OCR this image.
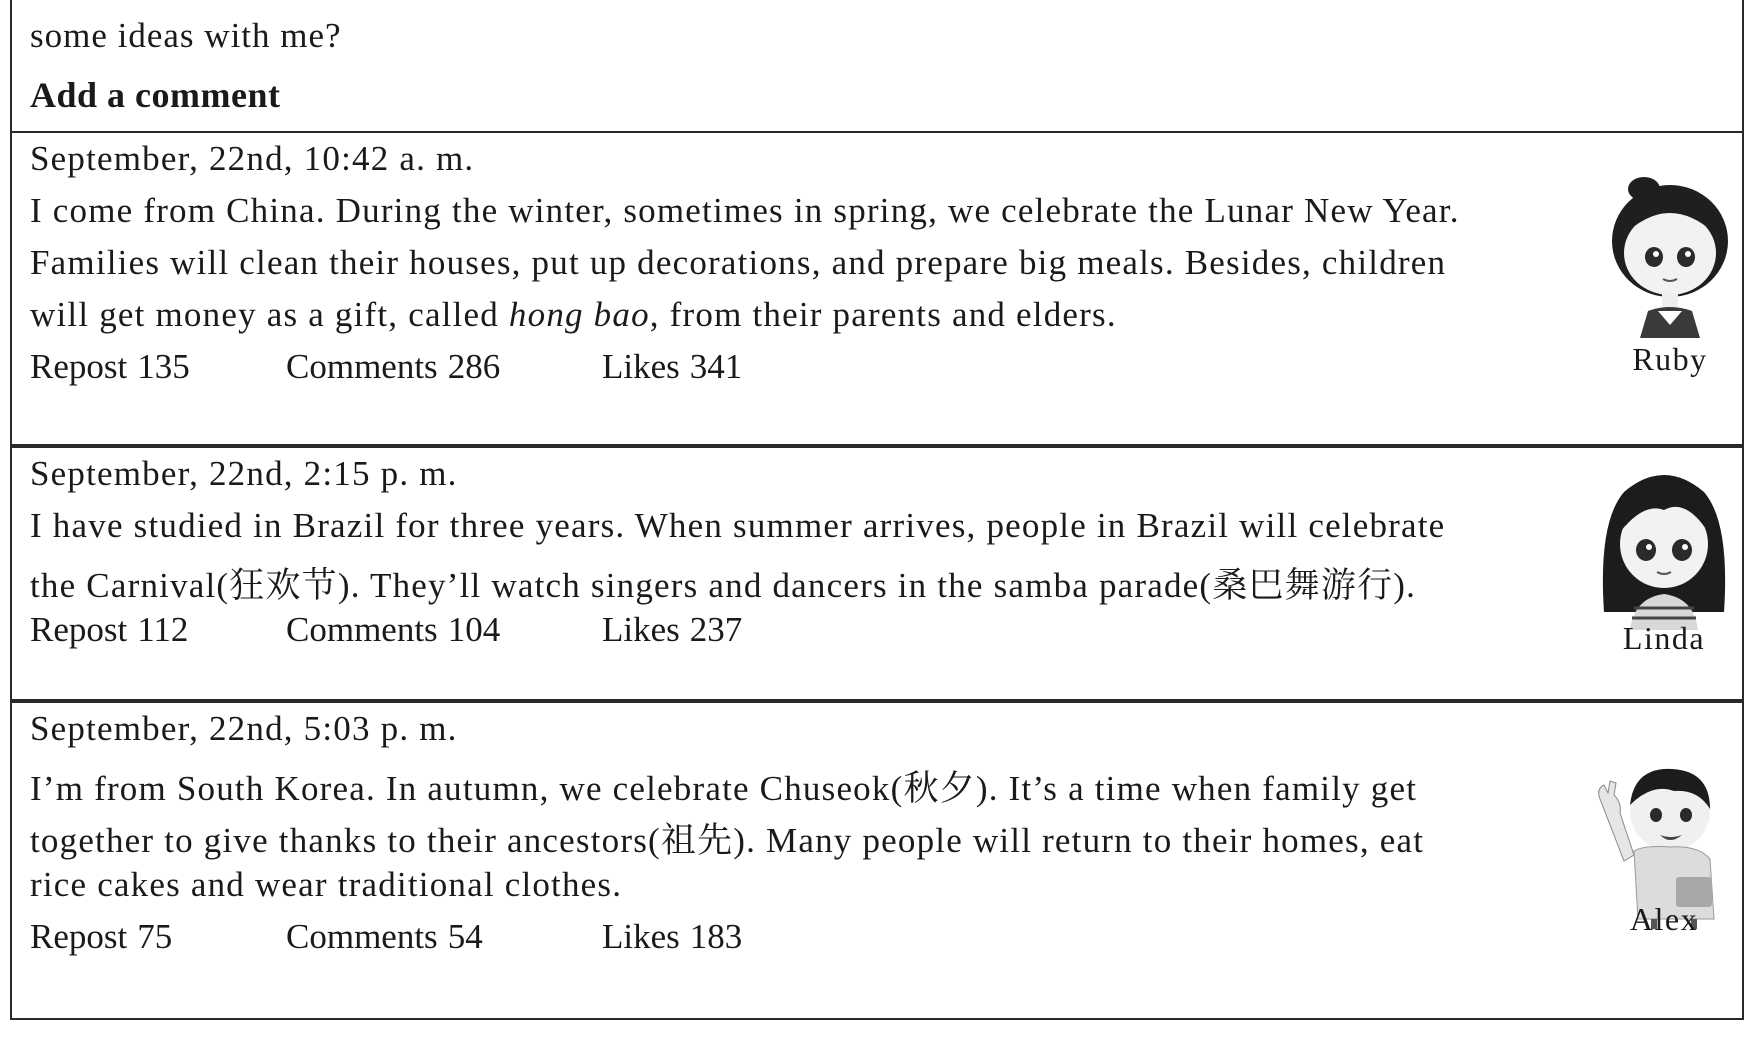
some ideas with me?
Add a comment
September, 22nd, 10:42 a. m.
I come from China. During the winter, sometimes in spring, we celebrate the Lunar New Year.
Families will clean their houses, put up decorations, and prepare big meals. Besides, children
will get money as a gift, called hong bao, from their parents and elders.
Repost 135	Comments 286	Likes 341	Ruby
September, 22nd, 2:15 p. m.
I have studied in Brazil for three years. When summer arrives, people in Brazil will celebrate
the Carnival(狂欢节). They’ll watch singers and dancers in the samba parade(桑巴舞游行).
Repost 112	Comments 104	Likes 237	Linda
September, 22nd, 5:03 p. m.
I’m from South Korea. In autumn, we celebrate Chuseok(秋夕). It’s a time when family get
together to give thanks to their ancestors(祖先). Many people will return to their homes, eat
rice cakes and wear traditional clothes.
Repost 75	Comments 54	Likes 183	Alex
